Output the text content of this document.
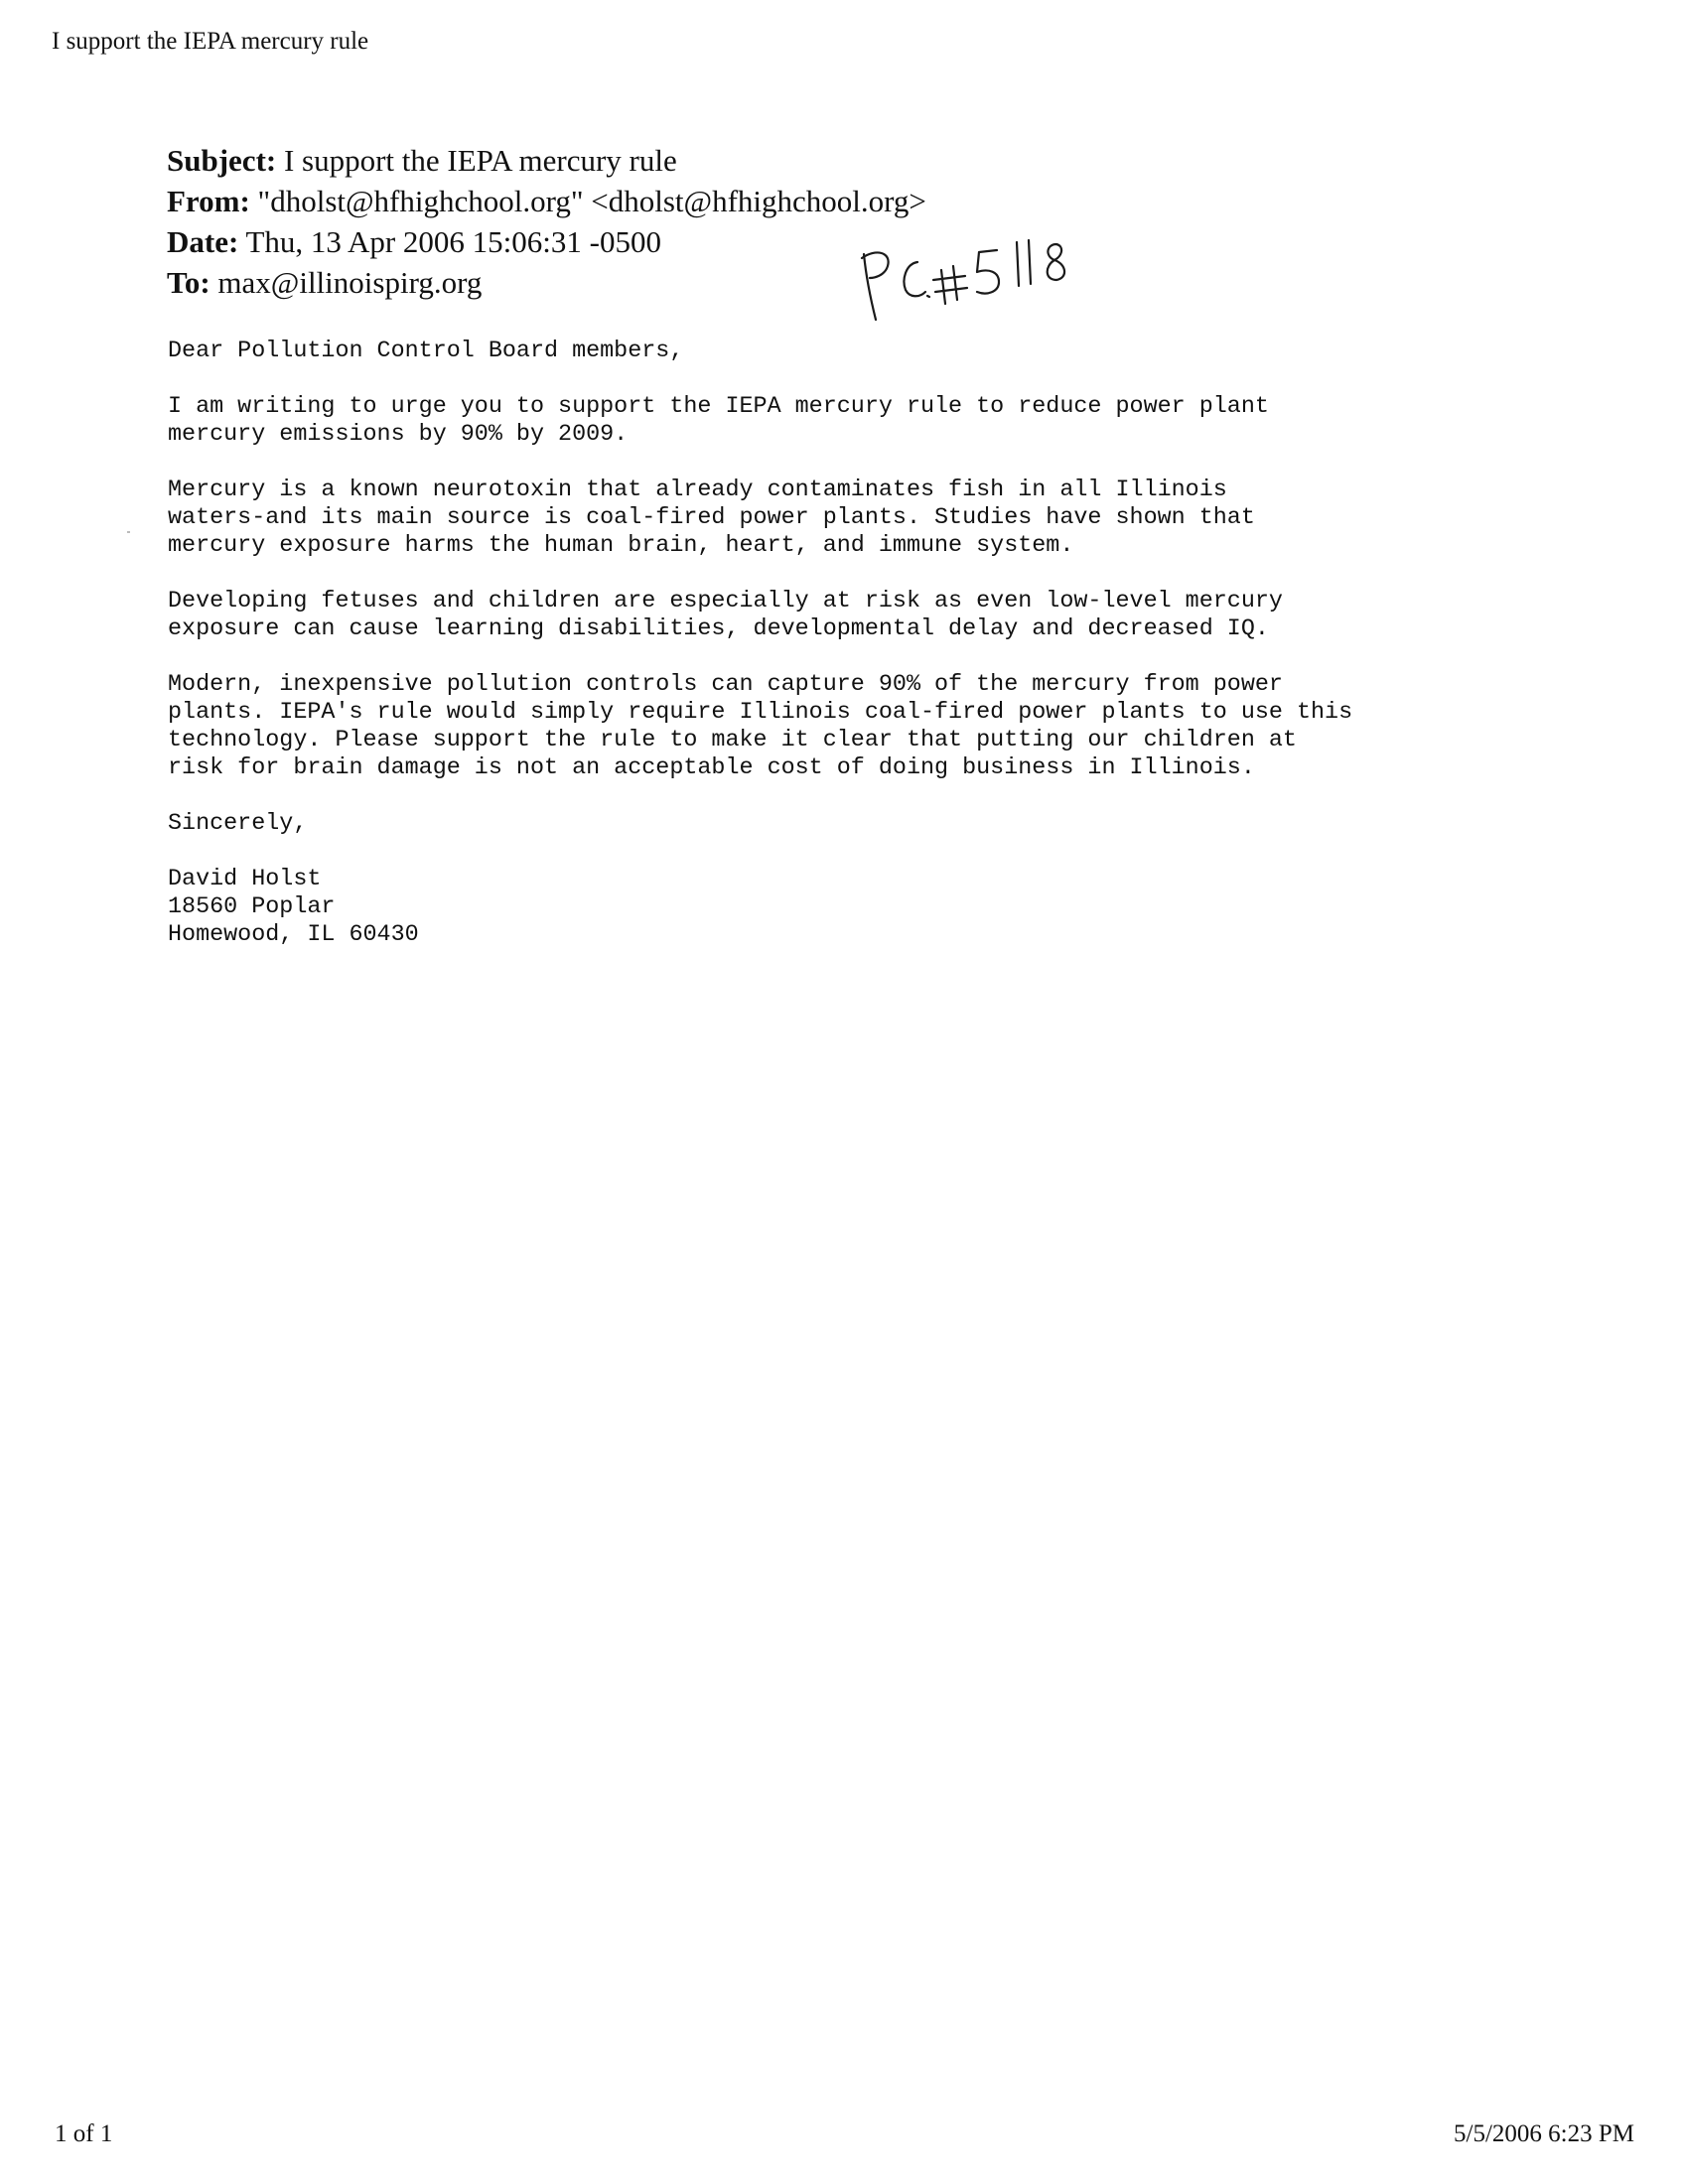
I support the IEPA mercury rule
Subject: I support the IEPA mercury rule
From: "dholst@hfhighchool.org" <dholst@hfhighchool.org>
Date: Thu, 13 Apr 2006 15:06:31 -0500
To: max@illinoispirg.org

Dear Pollution Control Board members,

I am writing to urge you to support the IEPA mercury rule to reduce power plant
mercury emissions by 90% by 2009.

Mercury is a known neurotoxin that already contaminates fish in all Illinois
waters-and its main source is coal-fired power plants. Studies have shown that
mercury exposure harms the human brain, heart, and immune system.

Developing fetuses and children are especially at risk as even low-level mercury
exposure can cause learning disabilities, developmental delay and decreased IQ.

Modern, inexpensive pollution controls can capture 90% of the mercury from power
plants. IEPA's rule would simply require Illinois coal-fired power plants to use this
technology. Please support the rule to make it clear that putting our children at
risk for brain damage is not an acceptable cost of doing business in Illinois.

Sincerely,

David Holst
18560 Poplar
Homewood, IL 60430
1 of 1	5/5/2006 6:23 PM
